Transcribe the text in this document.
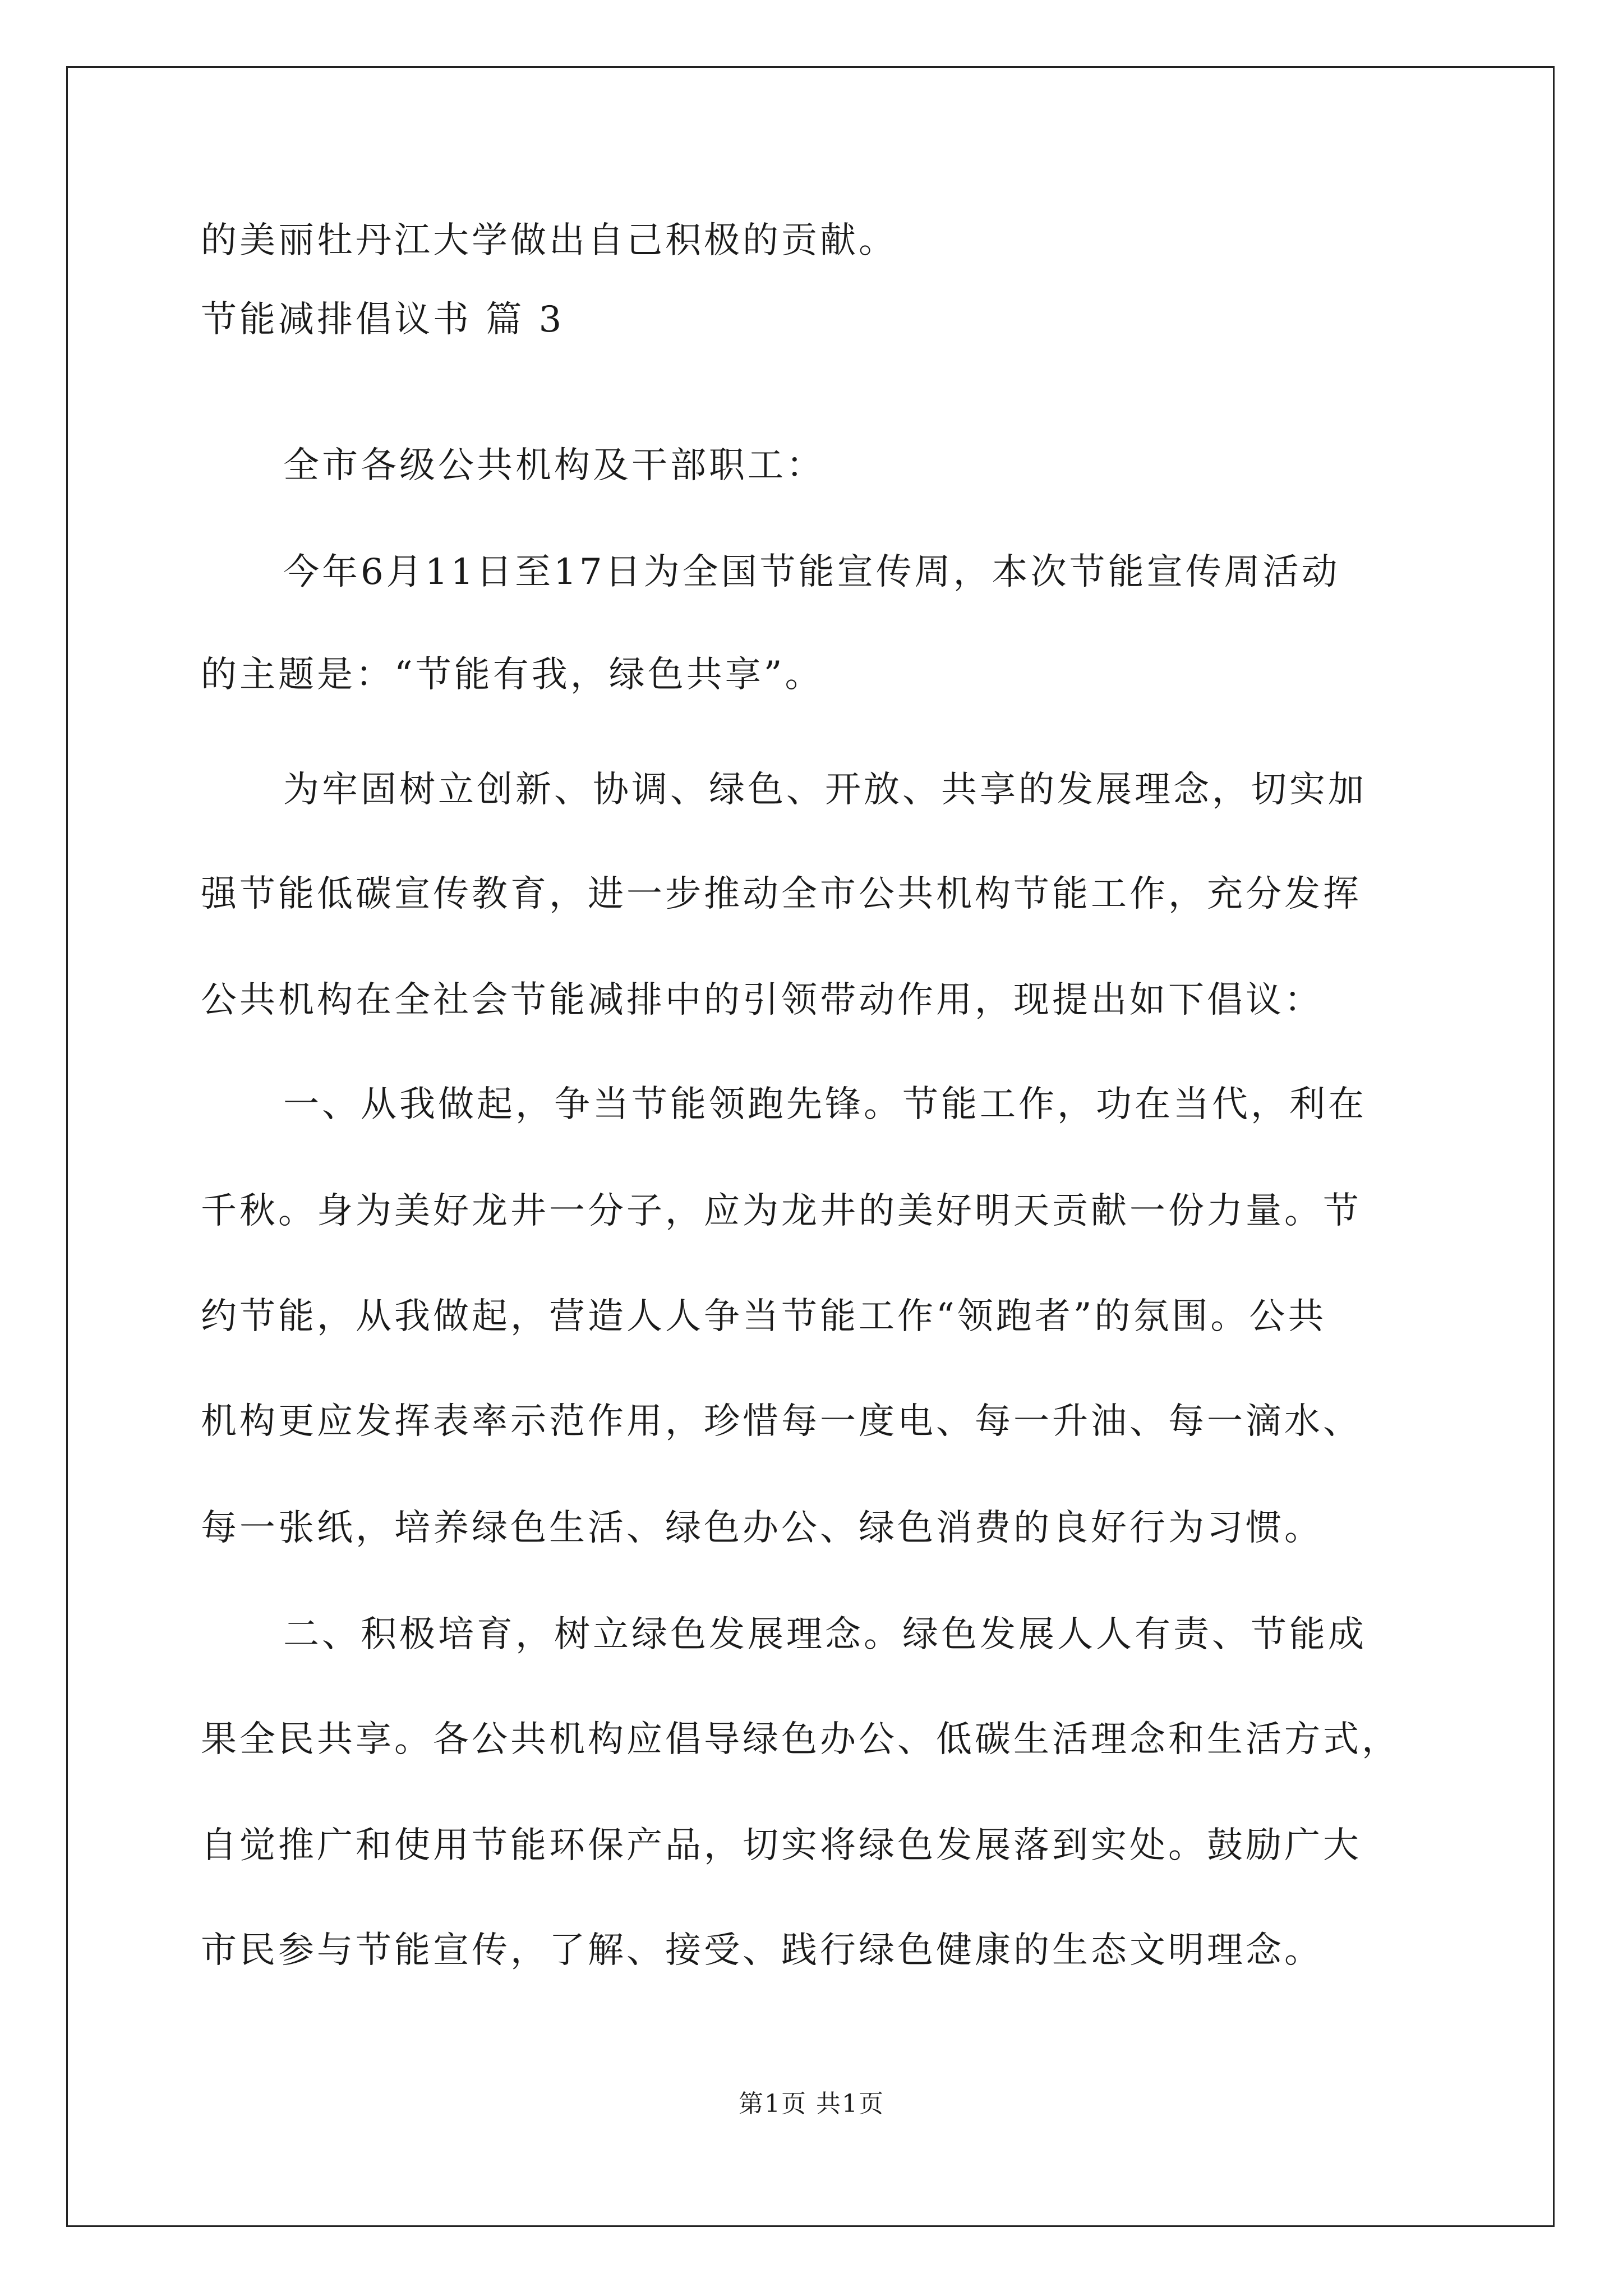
的美丽牡丹江大学做出自己积极的贡献。

节能减排倡议书 篇 3

全市各级公共机构及干部职工：

今年6月11日至17日为全国节能宣传周，本次节能宣传周活动

的主题是：“节能有我，绿色共享”。

为牢固树立创新、协调、绿色、开放、共享的发展理念，切实加

强节能低碳宣传教育，进一步推动全市公共机构节能工作，充分发挥

公共机构在全社会节能减排中的引领带动作用，现提出如下倡议：

一、从我做起，争当节能领跑先锋。节能工作，功在当代，利在

千秋。身为美好龙井一分子，应为龙井的美好明天贡献一份力量。节

约节能，从我做起，营造人人争当节能工作“领跑者”的氛围。公共

机构更应发挥表率示范作用，珍惜每一度电、每一升油、每一滴水、

每一张纸，培养绿色生活、绿色办公、绿色消费的良好行为习惯。

二、积极培育，树立绿色发展理念。绿色发展人人有责、节能成

果全民共享。各公共机构应倡导绿色办公、低碳生活理念和生活方式，

自觉推广和使用节能环保产品，切实将绿色发展落到实处。鼓励广大

市民参与节能宣传，了解、接受、践行绿色健康的生态文明理念。

第1页 共1页
